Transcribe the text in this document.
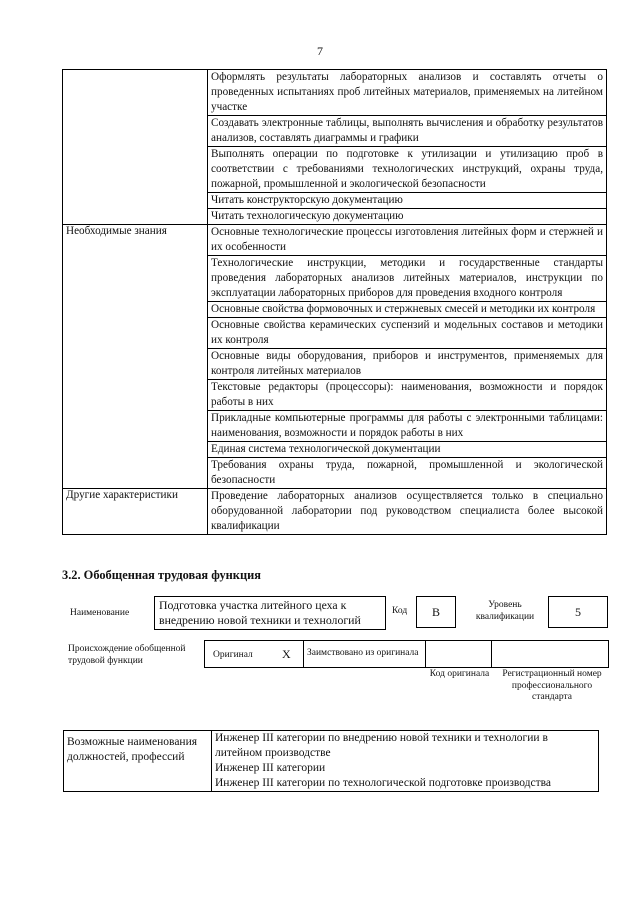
7
	Оформлять результаты лабораторных анализов и составлять отчеты о проведенных испытаниях проб литейных материалов, применяемых на литейном участке
	Создавать электронные таблицы, выполнять вычисления и обработку результатов анализов, составлять диаграммы и графики
	Выполнять операции по подготовке к утилизации и утилизацию проб в соответствии с требованиями технологических инструкций, охраны труда, пожарной, промышленной и экологической безопасности
	Читать конструкторскую документацию
	Читать технологическую документацию
Необходимые знания	Основные технологические процессы изготовления литейных форм и стержней и их особенности
	Технологические инструкции, методики и государственные стандарты проведения лабораторных анализов литейных материалов, инструкции по эксплуатации лабораторных приборов для проведения входного контроля
	Основные свойства формовочных и стержневых смесей и методики их контроля
	Основные свойства керамических суспензий и модельных составов и методики их контроля
	Основные виды оборудования, приборов и инструментов, применяемых для контроля литейных материалов
	Текстовые редакторы (процессоры): наименования, возможности и порядок работы в них
	Прикладные компьютерные программы для работы с электронными таблицами: наименования, возможности и порядок работы в них
	Единая система технологической документации
	Требования охраны труда, пожарной, промышленной и экологической безопасности
Другие характеристики	Проведение лабораторных анализов осуществляется только в специально оборудованной лаборатории под руководством специалиста более высокой квалификации
3.2. Обобщенная трудовая функция
Наименование
Подготовка участка литейного цеха к внедрению новой техники и технологий
Код	B	Уровень квалификации	5
Происхождение обобщенной трудовой функции
Оригинал X	Заимствовано из оригинала
Код оригинала	Регистрационный номер профессионального стандарта
Возможные наименования должностей, профессий	
Инженер III категории по внедрению новой техники и технологии в литейном производстве
Инженер III категории
Инженер III категории по технологической подготовке производства
